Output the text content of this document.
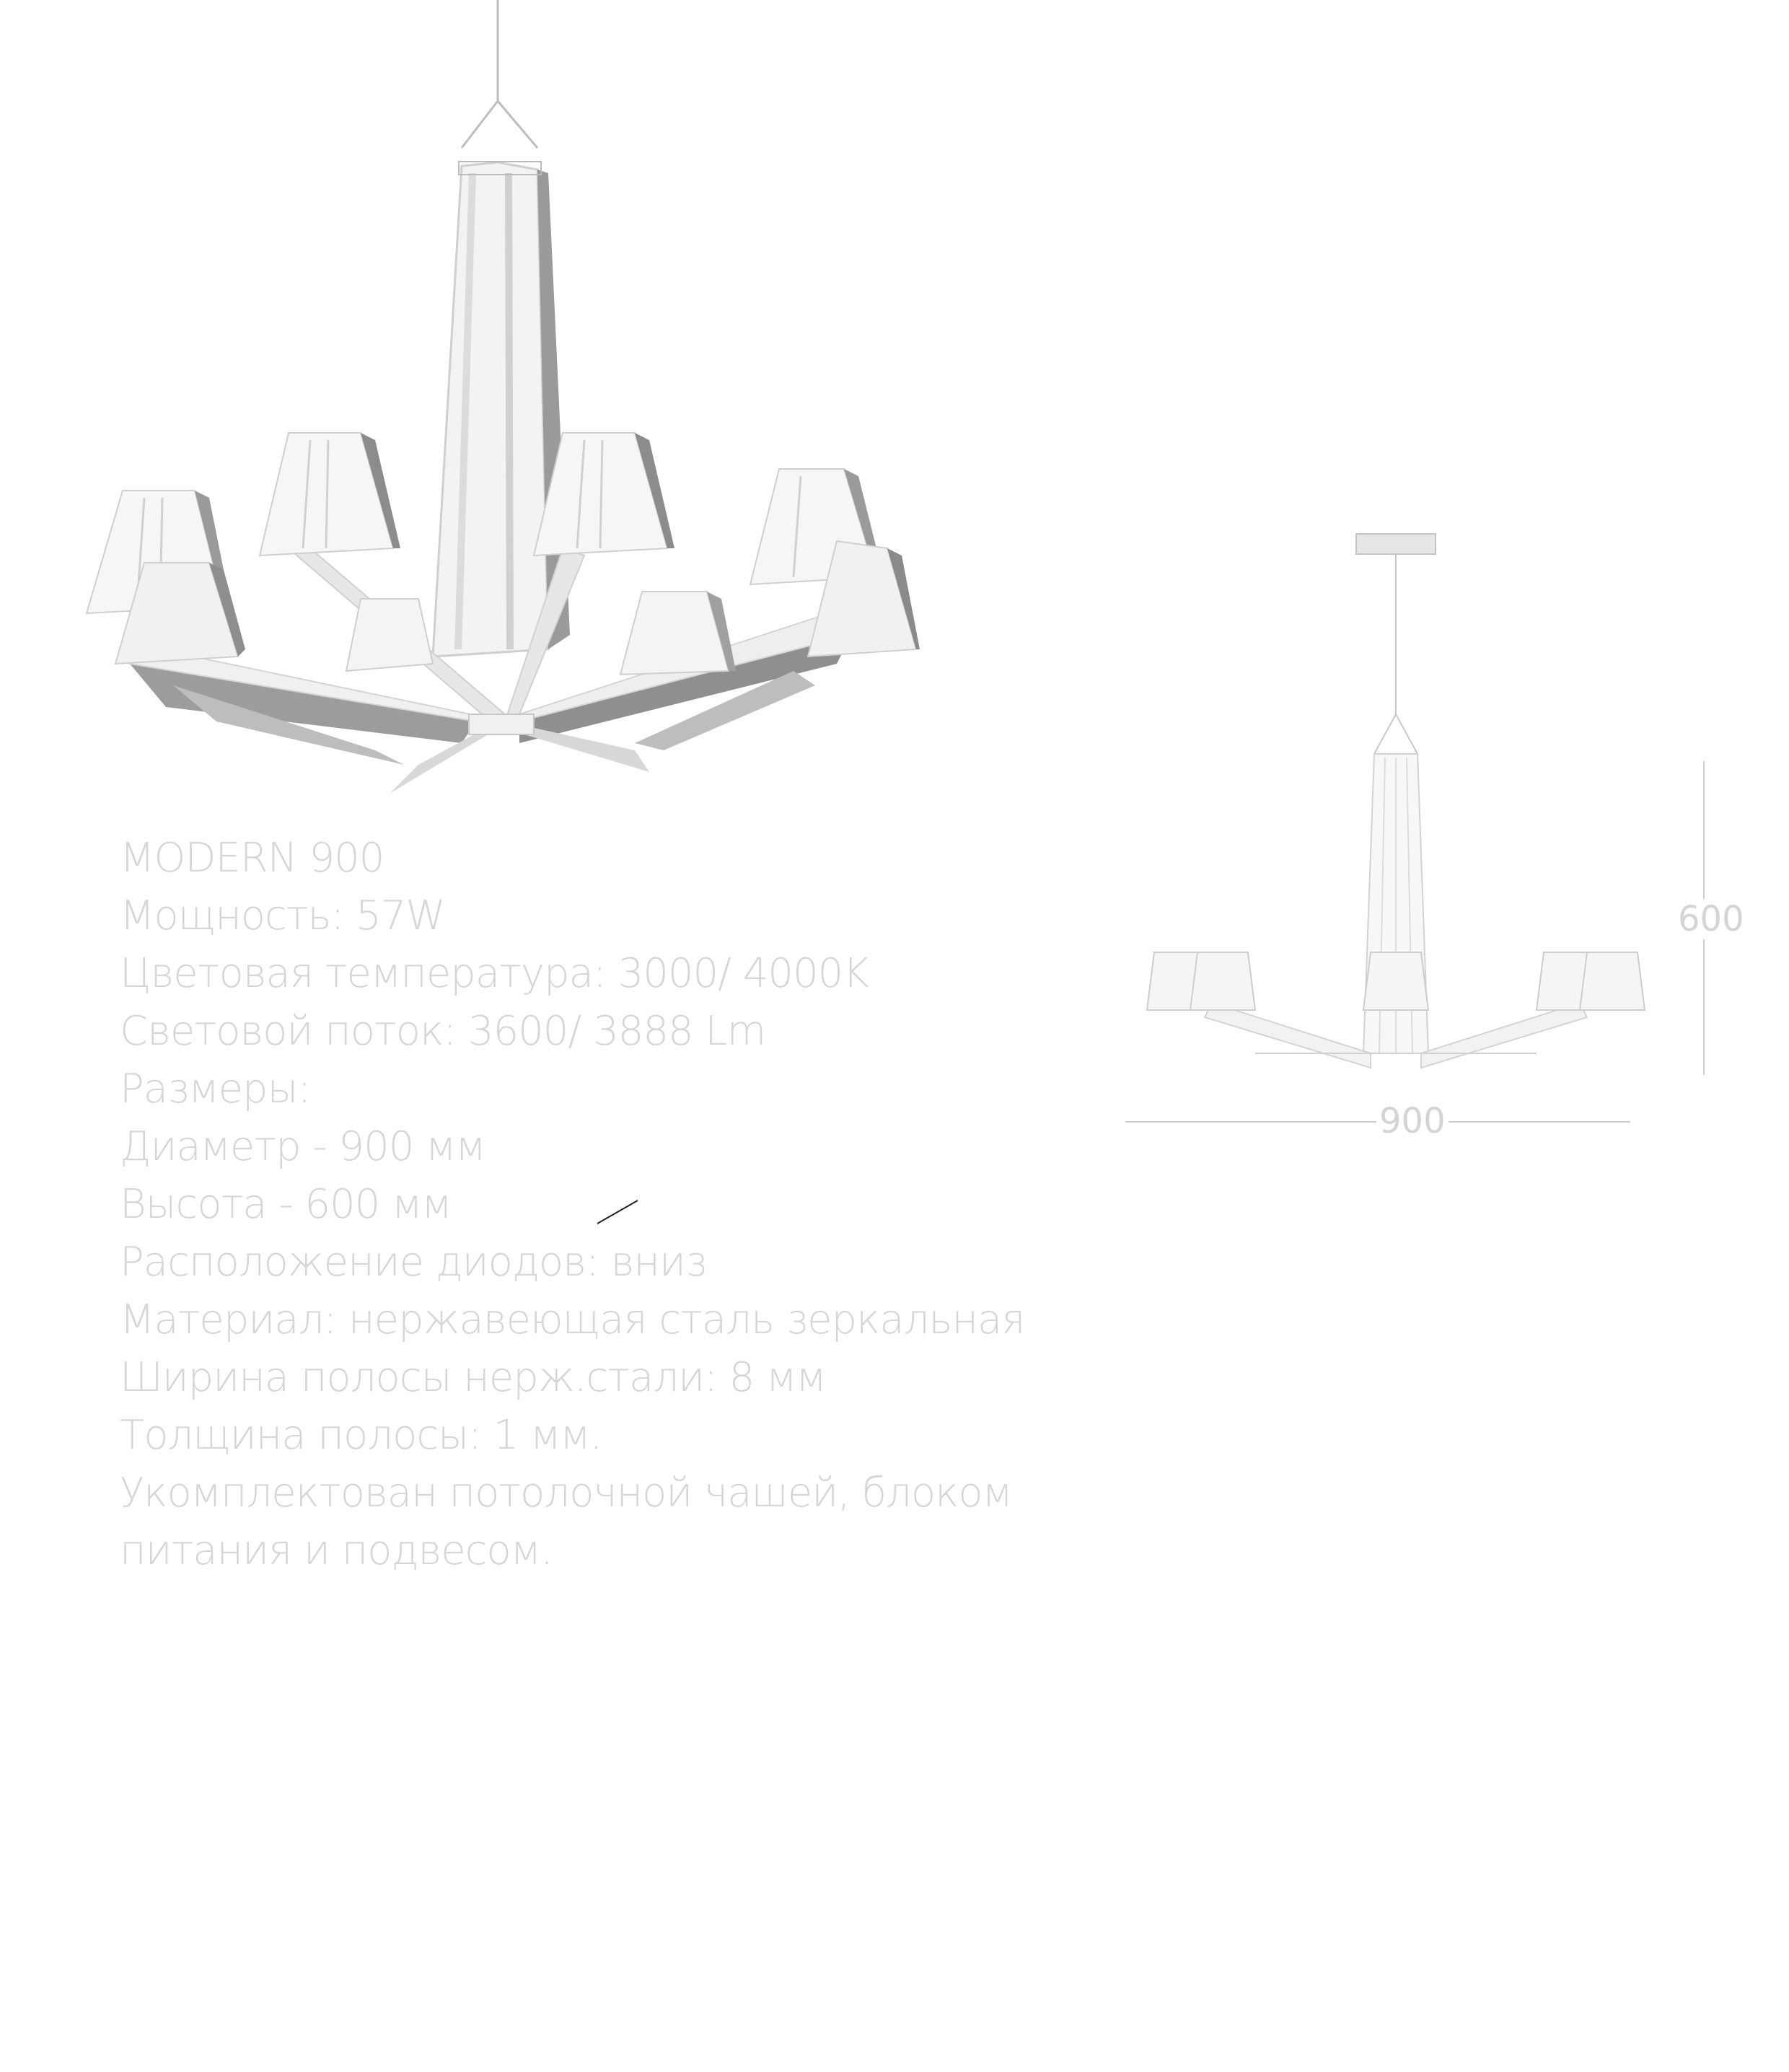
MODERN 900
Мощность: 57W
Цветовая температура: 3000/ 4000K
Световой поток: 3600/ 3888 Lm
Размеры:
Диаметр - 900 мм
Высота - 600 мм
Расположение диодов: вниз
Материал: нержавеющая сталь зеркальная
Ширина полосы нерж.стали: 8 мм
Толщина полосы: 1 мм.
Укомплектован потолочной чашей, блоком
питания и подвесом.
900
600
